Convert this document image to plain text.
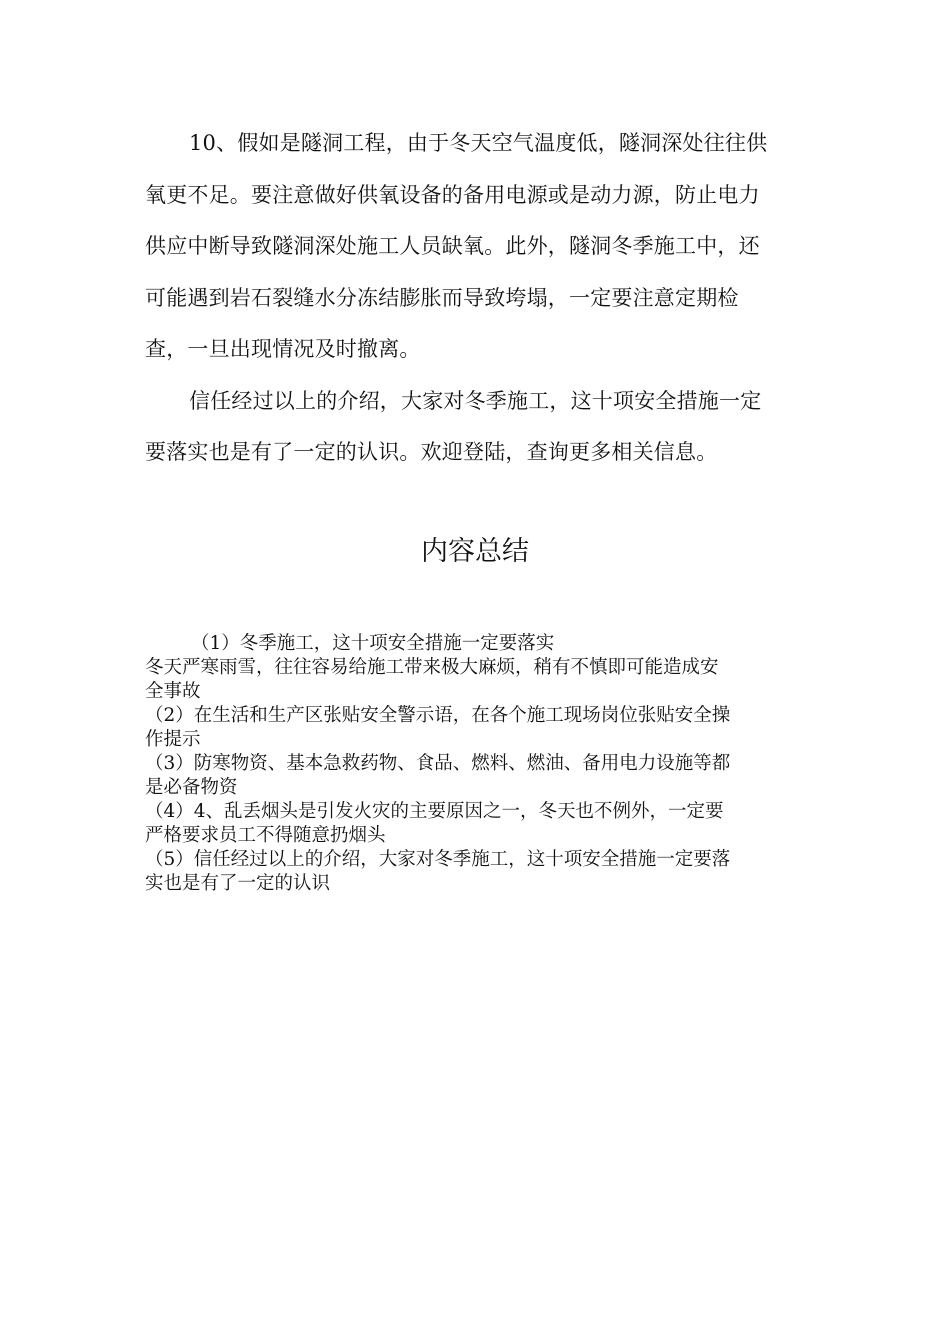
10、假如是隧洞工程，由于冬天空气温度低，隧洞深处往往供
氧更不足。要注意做好供氧设备的备用电源或是动力源，防止电力
供应中断导致隧洞深处施工人员缺氧。此外，隧洞冬季施工中，还
可能遇到岩石裂缝水分冻结膨胀而导致垮塌，一定要注意定期检
查，一旦出现情况及时撤离。

信任经过以上的介绍，大家对冬季施工，这十项安全措施一定
要落实也是有了一定的认识。欢迎登陆，查询更多相关信息。

内容总结
（1）冬季施工，这十项安全措施一定要落实
冬天严寒雨雪，往往容易给施工带来极大麻烦，稍有不慎即可能造成安
全事故
（2）在生活和生产区张贴安全警示语，在各个施工现场岗位张贴安全操
作提示
（3）防寒物资、基本急救药物、食品、燃料、燃油、备用电力设施等都
是必备物资
（4）4、乱丢烟头是引发火灾的主要原因之一，冬天也不例外，一定要
严格要求员工不得随意扔烟头
（5）信任经过以上的介绍，大家对冬季施工，这十项安全措施一定要落
实也是有了一定的认识
